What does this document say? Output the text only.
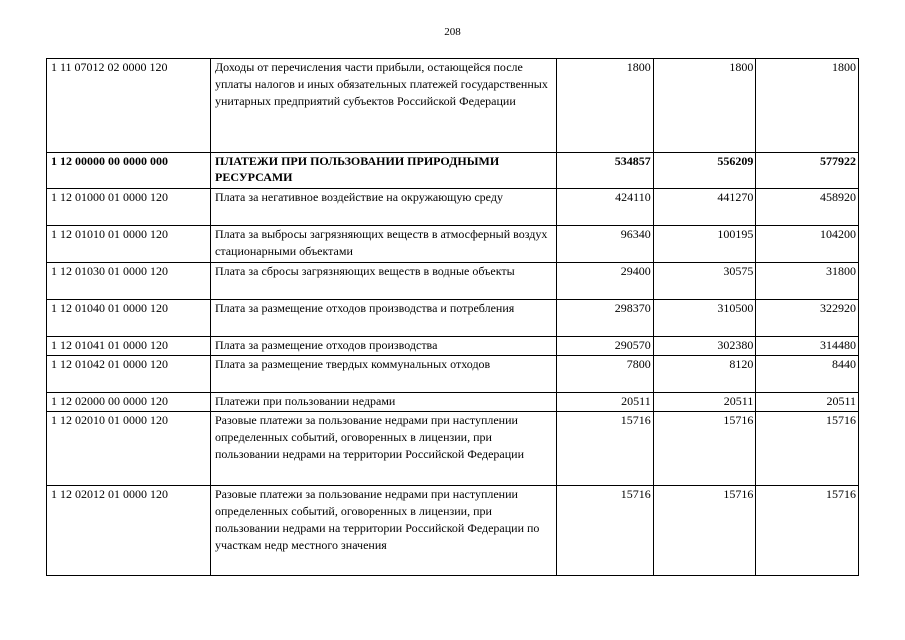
208
1 11 07012 02 0000 120	Доходы от перечисления части прибыли, остающейся после уплаты налогов и иных обязательных платежей государственных унитарных предприятий субъектов Российской Федерации	1800	1800	1800
1 12 00000 00 0000 000	ПЛАТЕЖИ ПРИ ПОЛЬЗОВАНИИ ПРИРОДНЫМИ РЕСУРСАМИ	534857	556209	577922
1 12 01000 01 0000 120	Плата за негативное воздействие на окружающую среду	424110	441270	458920
1 12 01010 01 0000 120	Плата за выбросы загрязняющих веществ в атмосферный воздух стационарными объектами	96340	100195	104200
1 12 01030 01 0000 120	Плата за сбросы загрязняющих веществ в водные объекты	29400	30575	31800
1 12 01040 01 0000 120	Плата за размещение отходов производства и потребления	298370	310500	322920
1 12 01041 01 0000 120	Плата за размещение отходов производства	290570	302380	314480
1 12 01042 01 0000 120	Плата за размещение твердых коммунальных отходов	7800	8120	8440
1 12 02000 00 0000 120	Платежи при пользовании недрами	20511	20511	20511
1 12 02010 01 0000 120	Разовые платежи за пользование недрами при наступлении определенных событий, оговоренных в лицензии, при пользовании недрами на территории Российской Федерации	15716	15716	15716
1 12 02012 01 0000 120	Разовые платежи за пользование недрами при наступлении определенных событий, оговоренных в лицензии, при пользовании недрами на территории Российской Федерации по участкам недр местного значения	15716	15716	15716
